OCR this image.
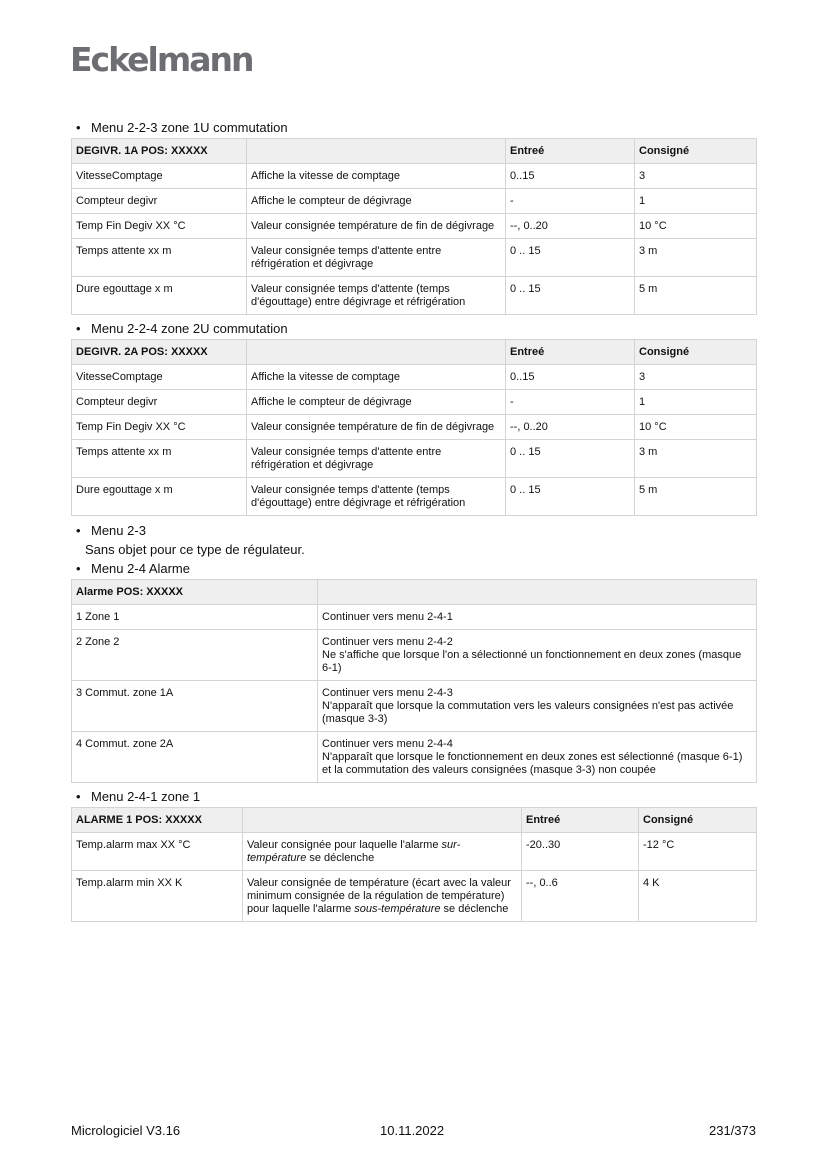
Eckelmann
• Menu 2-2-3 zone 1U commutation
DEGIVR. 1A POS: XXXXX		Entreé	Consigné
VitesseComptage	Affiche la vitesse de comptage	0..15	3
Compteur degivr	Affiche le compteur de dégivrage	-	1
Temp Fin Degiv XX °C	Valeur consignée température de fin de dégivrage	--, 0..20	10 °C
Temps attente xx m	Valeur consignée temps d'attente entre réfrigération et dégivrage	0 .. 15	3 m
Dure egouttage x m	Valeur consignée temps d'attente (temps d'égouttage) entre dégivrage et réfrigération	0 .. 15	5 m
• Menu 2-2-4 zone 2U commutation
DEGIVR. 2A POS: XXXXX		Entreé	Consigné
VitesseComptage	Affiche la vitesse de comptage	0..15	3
Compteur degivr	Affiche le compteur de dégivrage	-	1
Temp Fin Degiv XX °C	Valeur consignée température de fin de dégivrage	--, 0..20	10 °C
Temps attente xx m	Valeur consignée temps d'attente entre réfrigération et dégivrage	0 .. 15	3 m
Dure egouttage x m	Valeur consignée temps d'attente (temps d'égouttage) entre dégivrage et réfrigération	0 .. 15	5 m
• Menu 2-3
Sans objet pour ce type de régulateur.
• Menu 2-4 Alarme
Alarme POS: XXXXX	
1 Zone 1	Continuer vers menu 2-4-1

2 Zone 2	Continuer vers menu 2-4-2
Ne s'affiche que lorsque l'on a sélectionné un fonctionnement en deux zones (masque 6-1)

3 Commut. zone 1A	Continuer vers menu 2-4-3
N'apparaît que lorsque la commutation vers les valeurs consignées n'est pas activée (masque 3-3)

4 Commut. zone 2A	Continuer vers menu 2-4-4
N'apparaît que lorsque le fonctionnement en deux zones est sélectionné (masque 6-1) et la commutation des valeurs consignées (masque 3-3) non coupée
• Menu 2-4-1 zone 1
ALARME 1 POS: XXXXX		Entreé	Consigné
Temp.alarm max XX °C	Valeur consignée pour laquelle l'alarme sur-température se déclenche	-20..30	-12 °C
Temp.alarm min XX K	Valeur consignée de température (écart avec la valeur minimum consignée de la régulation de température) pour laquelle l'alarme sous-température se déclenche	--, 0..6	4 K
Micrologiciel V3.16	10.11.2022	231/373
